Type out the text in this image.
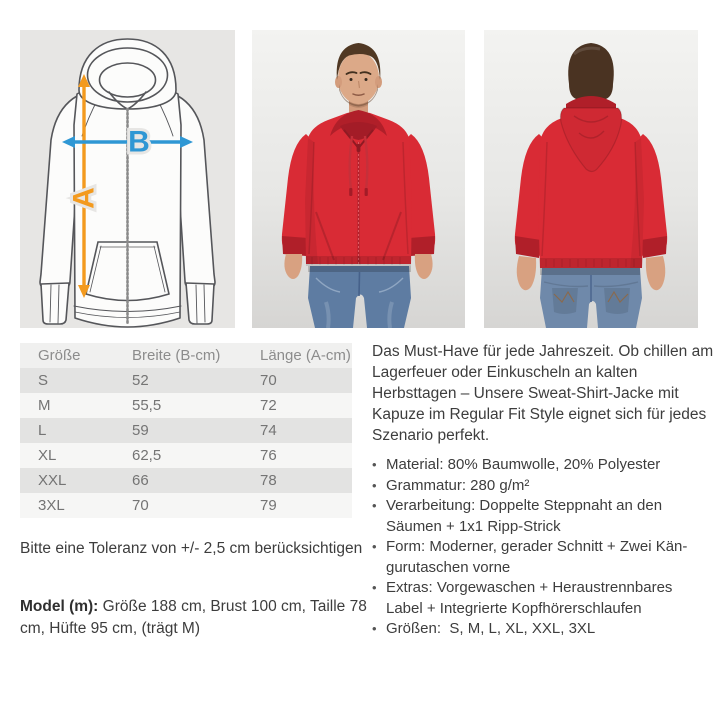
A
B
Größe	Breite (B-cm)	Länge (A-cm)
S	52	70
M	55,5	72
L	59	74
XL	62,5	76
XXL	66	78
3XL	70	79

Bitte eine Toleranz von +/- 2,5 cm berücksichtigen

Model (m): Größe 188 cm, Brust 100 cm, Taille 78 cm, Hüfte 95 cm, (trägt M)

Das Must-Have für jede Jahreszeit. Ob chillen am Lagerfeuer oder Einkuscheln an kalten Herbsttagen – Unsere Sweat-Shirt-Jacke mit Kapuze im Regular Fit Style eignet sich für jedes Szenario perfekt.

• Material: 80% Baumwolle, 20% Polyester
• Grammatur: 280 g/m²
• Verarbeitung: Doppelte Steppnaht an den Säumen + 1x1 Ripp-Strick
• Form: Moderner, gerader Schnitt + Zwei Kängurutaschen vorne
• Extras: Vorgewaschen + Heraustrennbares Label + Integrierte Kopfhörerschlaufen
• Größen:  S, M, L, XL, XXL, 3XL
